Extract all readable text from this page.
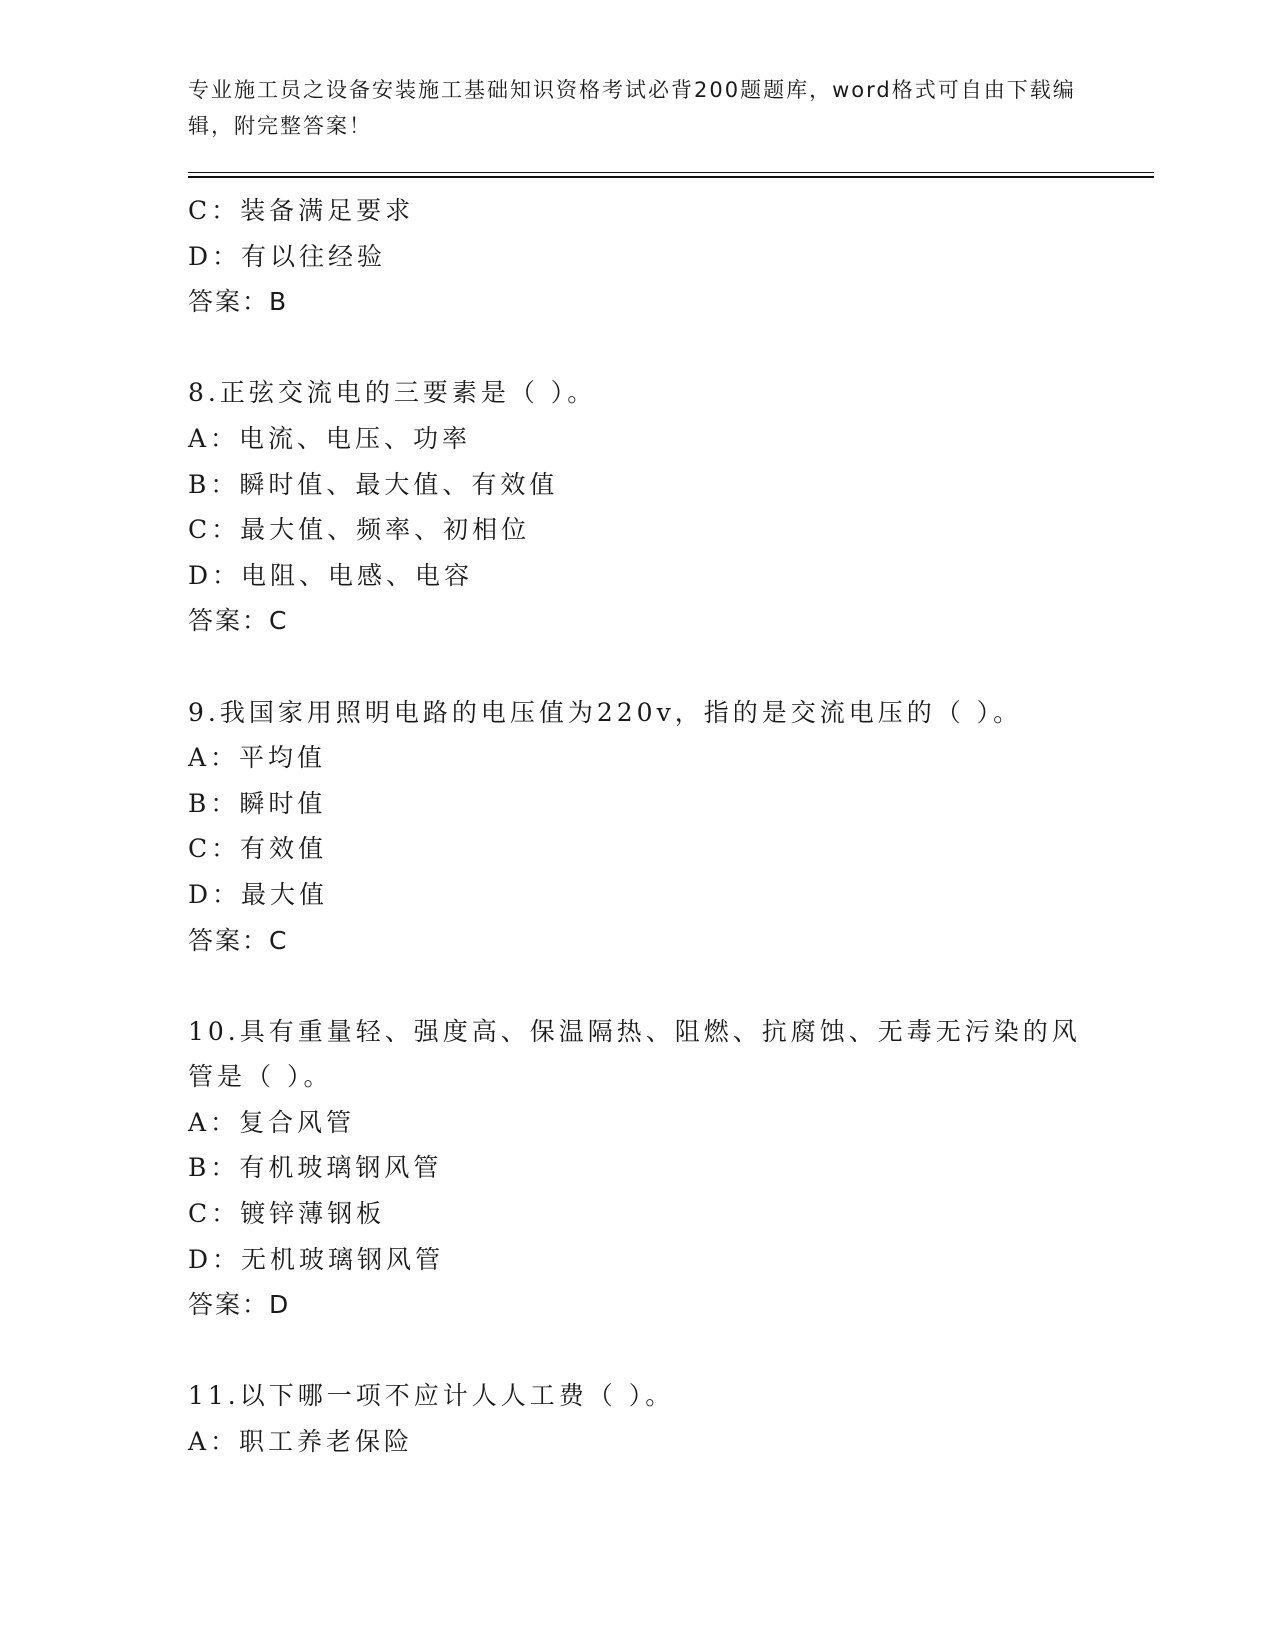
专业施工员之设备安装施工基础知识资格考试必背200题题库，word格式可自由下载编辑，附完整答案！
C：装备满足要求
D：有以往经验
答案：B
8.正弦交流电的三要素是（ ）。
A：电流、电压、功率
B：瞬时值、最大值、有效值
C：最大值、频率、初相位
D：电阻、电感、电容
答案：C
9.我国家用照明电路的电压值为220v，指的是交流电压的（ ）。
A：平均值
B：瞬时值
C：有效值
D：最大值
答案：C
10.具有重量轻、强度高、保温隔热、阻燃、抗腐蚀、无毒无污染的风管是（ ）。
A：复合风管
B：有机玻璃钢风管
C：镀锌薄钢板
D：无机玻璃钢风管
答案：D
11.以下哪一项不应计人人工费（ ）。
A：职工养老保险
